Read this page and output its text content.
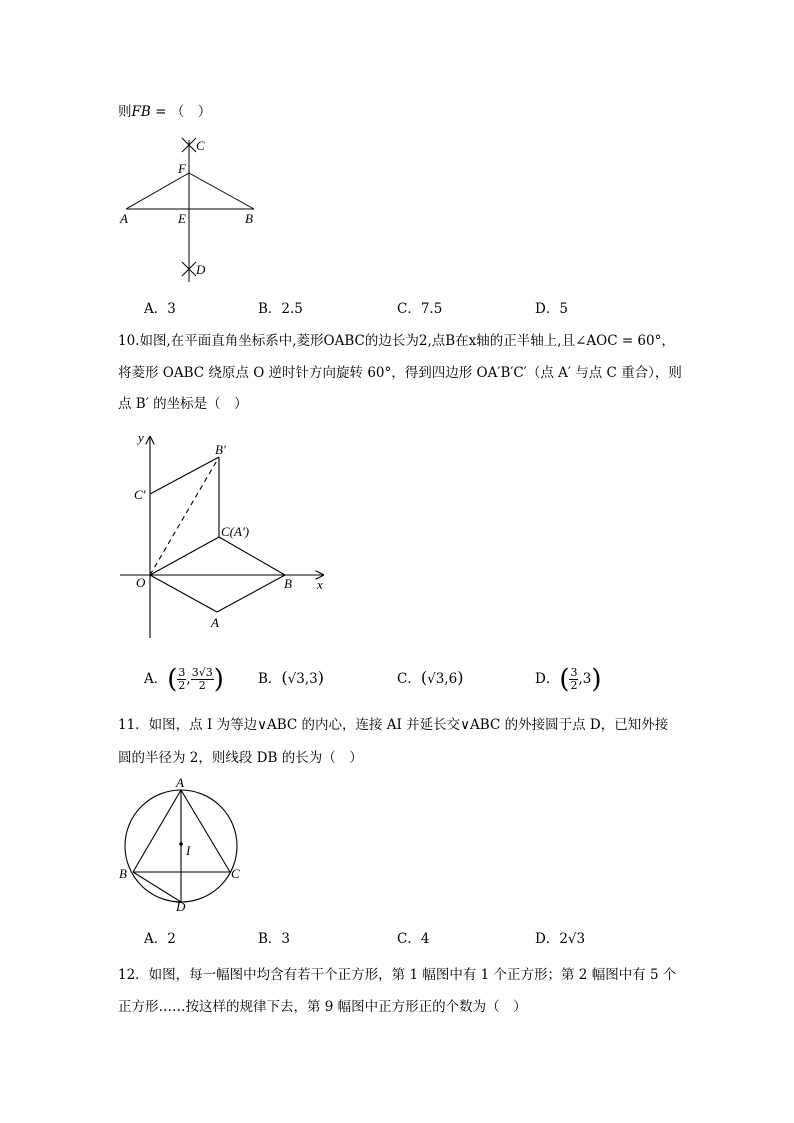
则FB = （　）
C
F
A	E	B
D
A．3	B．2.5	C．7.5	D．5
10.如图,在平面直角坐标系中,菱形OABC的边长为2,点B在x轴的正半轴上,且∠AOC = 60°，
将菱形 OABC 绕原点 O 逆时针方向旋转 60°，得到四边形 OA′B′C′（点 A′ 与点 C 重合），则
点 B′ 的坐标是（　）
y
x
O	B
A
B′
C′
C(A′)
A．( $\frac{3}{2}$ , $\frac{3√3}{2}$ )	B．(√3,3)	C．(√3,6)	D．( $\frac{3}{2} ,3$)
11．如图，点 I 为等边∨ABC 的内心，连接 AI 并延长交∨ABC 的外接圆于点 D，已知外接
圆的半径为 2，则线段 DB 的长为（　）
A
I
B	C
D
A．2	B．3	C．4	D．2√3
12．如图，每一幅图中均含有若干个正方形，第 1 幅图中有 1 个正方形；第 2 幅图中有 5 个
正方形……按这样的规律下去，第 9 幅图中正方形正的个数为（　）
